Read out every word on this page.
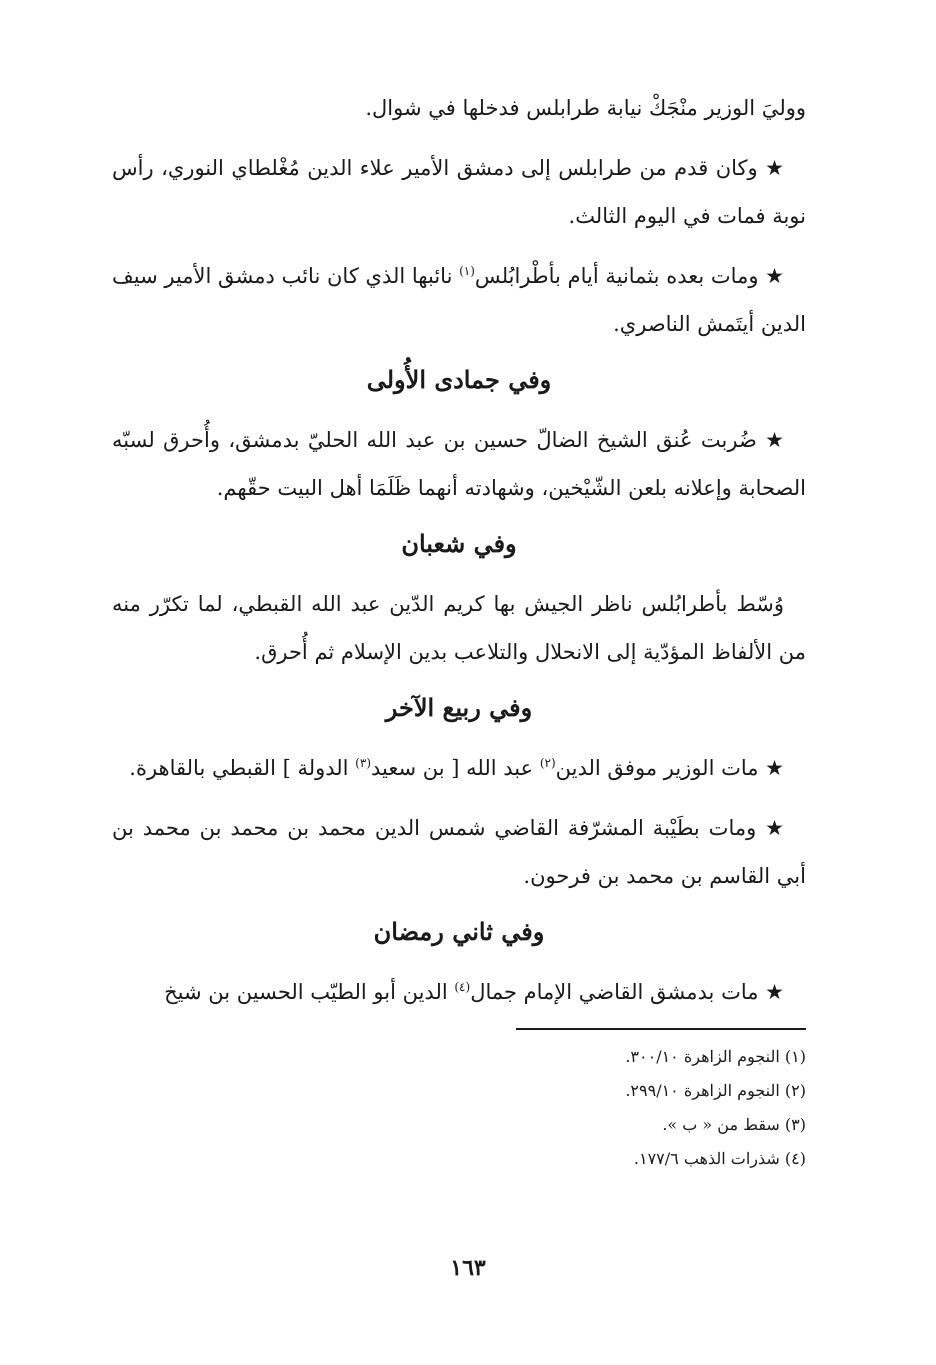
ووليَ الوزير منْجَكْ نيابة طرابلس فدخلها في شوال.

★ وكان قدم من طرابلس إلى دمشق الأمير علاء الدين مُغْلطاي النوري، رأس نوبة فمات في اليوم الثالث.

★ ومات بعده بثمانية أيام بأطْرابُلس$^{(١)}$ نائبها الذي كان نائب دمشق الأمير سيف الدين أيتَمش الناصري.

وفي جمادى الأُولى

★ ضُربت عُنق الشيخ الضالّ حسين بن عبد الله الحليّ بدمشق، وأُحرق لسبّه الصحابة وإعلانه بلعن الشّيْخين، وشهادته أنهما ظَلَمَا أهل البيت حقّهم.

وفي شعبان

وُسّط بأطرابُلس ناظر الجيش بها كريم الدّين عبد الله القبطي، لما تكرّر منه من الألفاظ المؤدّية إلى الانحلال والتلاعب بدين الإسلام ثم أُحرق.

وفي ربيع الآخر

★ مات الوزير موفق الدين$^{(٢)}$ عبد الله [ بن سعيد$^{(٣)}$ الدولة ] القبطي بالقاهرة.

★ ومات بطَيْبة المشرّفة القاضي شمس الدين محمد بن محمد بن محمد بن أبي القاسم بن محمد بن فرحون.

وفي ثاني رمضان

★ مات بدمشق القاضي الإمام جمال$^{(٤)}$ الدين أبو الطيّب الحسين بن شيخ

(١) النجوم الزاهرة ٣٠٠/١٠.
(٢) النجوم الزاهرة ٢٩٩/١٠.
(٣) سقط من « ب ».
(٤) شذرات الذهب ١٧٧/٦.
١٦٣
